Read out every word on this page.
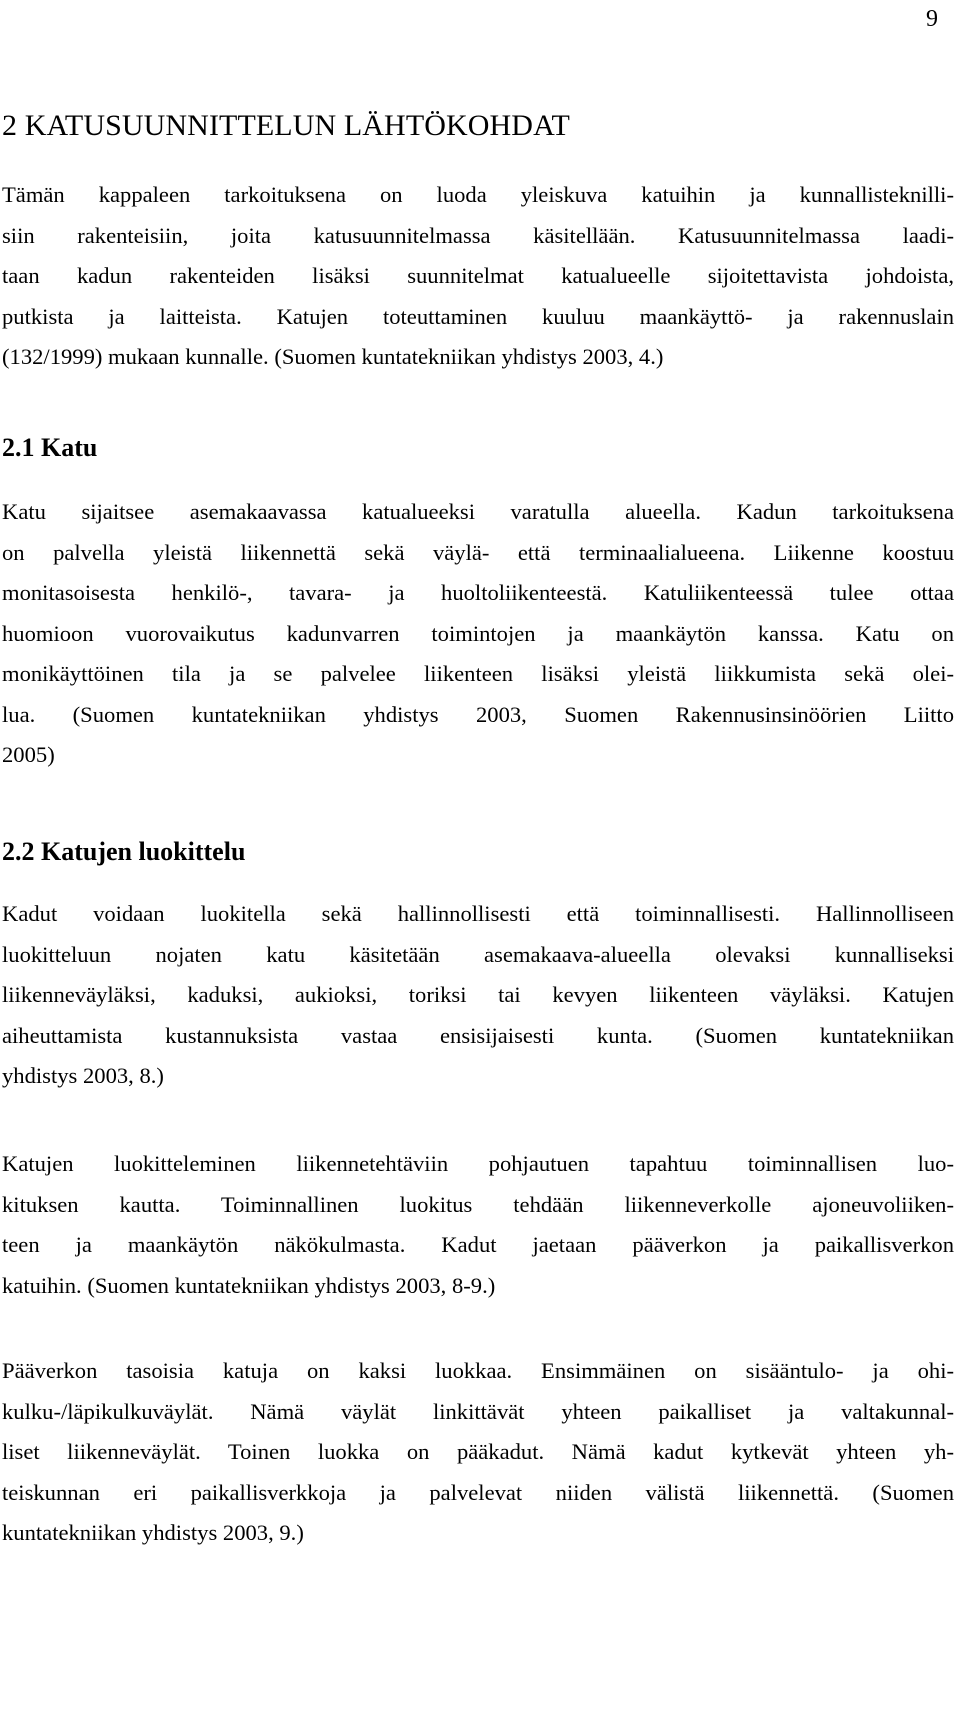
9
2 KATUSUUNNITTELUN LÄHTÖKOHDAT
Tämän kappaleen tarkoituksena on luoda yleiskuva katuihin ja kunnallisteknilli-
siin rakenteisiin, joita katusuunnitelmassa käsitellään. Katusuunnitelmassa laadi-
taan kadun rakenteiden lisäksi suunnitelmat katualueelle sijoitettavista johdoista,
putkista ja laitteista. Katujen toteuttaminen kuuluu maankäyttö- ja rakennuslain
(132/1999) mukaan kunnalle. (Suomen kuntatekniikan yhdistys 2003, 4.)
2.1 Katu
Katu sijaitsee asemakaavassa katualueeksi varatulla alueella. Kadun tarkoituksena
on palvella yleistä liikennettä sekä väylä- että terminaalialueena. Liikenne koostuu
monitasoisesta henkilö-, tavara- ja huoltoliikenteestä. Katuliikenteessä tulee ottaa
huomioon vuorovaikutus kadunvarren toimintojen ja maankäytön kanssa. Katu on
monikäyttöinen tila ja se palvelee liikenteen lisäksi yleistä liikkumista sekä olei-
lua. (Suomen kuntatekniikan yhdistys 2003, Suomen Rakennusinsinöörien Liitto
2005)
2.2 Katujen luokittelu
Kadut voidaan luokitella sekä hallinnollisesti että toiminnallisesti. Hallinnolliseen
luokitteluun nojaten katu käsitetään asemakaava-alueella olevaksi kunnalliseksi
liikenneväyläksi, kaduksi, aukioksi, toriksi tai kevyen liikenteen väyläksi. Katujen
aiheuttamista kustannuksista vastaa ensisijaisesti kunta. (Suomen kuntatekniikan
yhdistys 2003, 8.)
Katujen luokitteleminen liikennetehtäviin pohjautuen tapahtuu toiminnallisen luo-
kituksen kautta. Toiminnallinen luokitus tehdään liikenneverkolle ajoneuvoliiken-
teen ja maankäytön näkökulmasta. Kadut jaetaan pääverkon ja paikallisverkon
katuihin. (Suomen kuntatekniikan yhdistys 2003, 8-9.)
Pääverkon tasoisia katuja on kaksi luokkaa. Ensimmäinen on sisääntulo- ja ohi-
kulku-/läpikulkuväylät. Nämä väylät linkittävät yhteen paikalliset ja valtakunnal-
liset liikenneväylät. Toinen luokka on pääkadut. Nämä kadut kytkevät yhteen yh-
teiskunnan eri paikallisverkkoja ja palvelevat niiden välistä liikennettä. (Suomen
kuntatekniikan yhdistys 2003, 9.)
